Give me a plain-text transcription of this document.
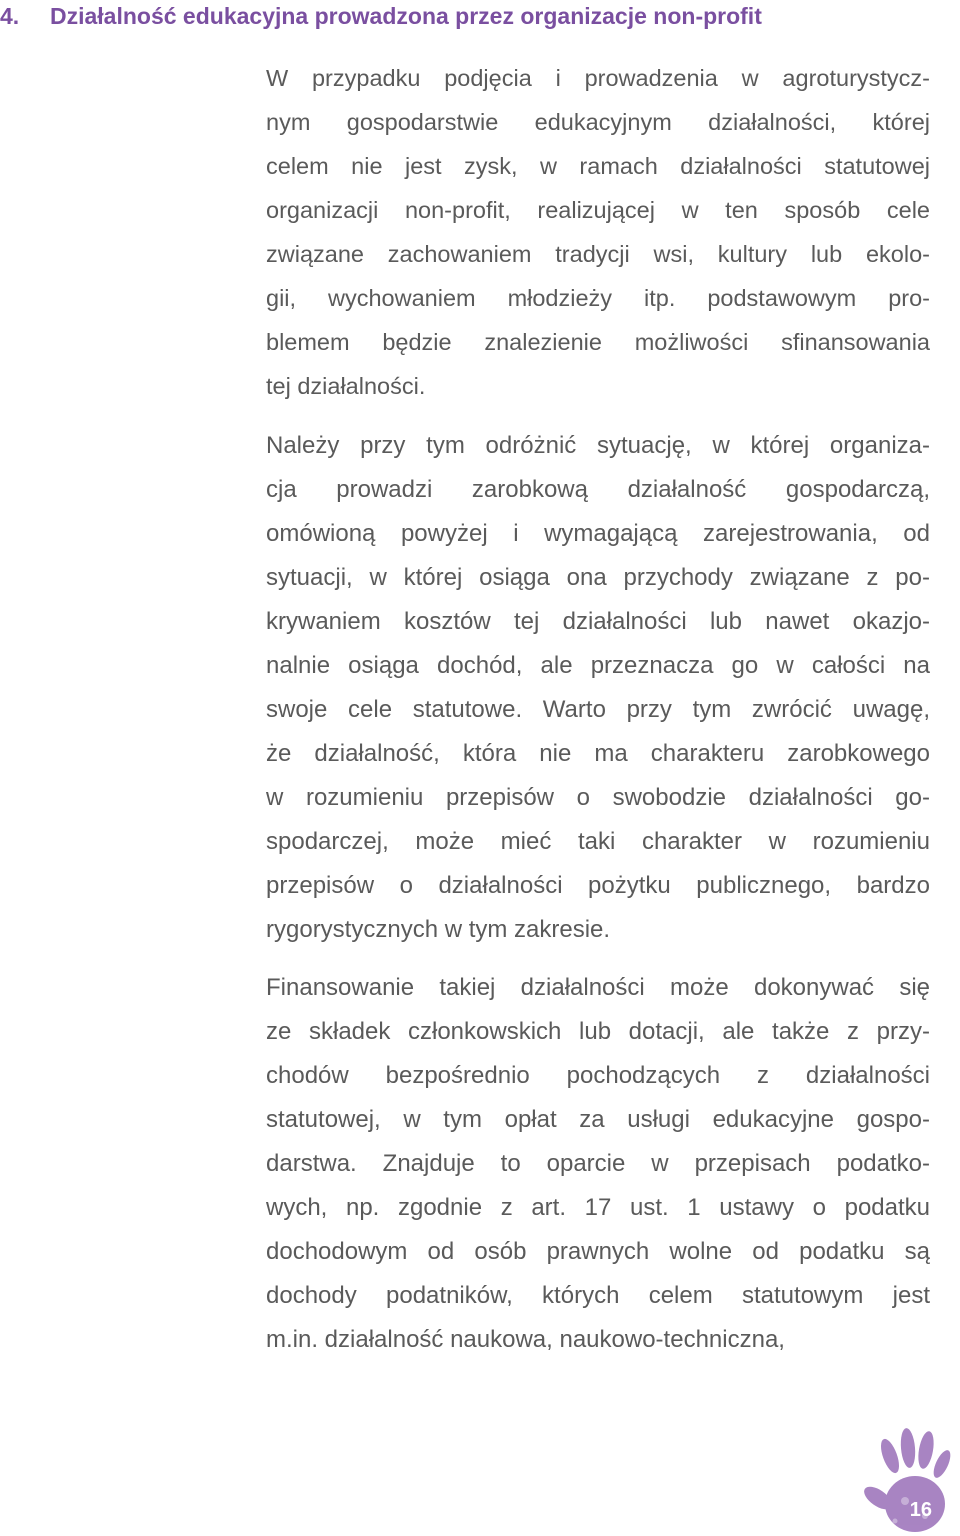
4. Działalność edukacyjna prowadzona przez organizacje non-profit
W przypadku podjęcia i prowadzenia w agroturystycz-
nym gospodarstwie edukacyjnym działalności, której
celem nie jest zysk, w ramach działalności statutowej
organizacji non-profit, realizującej w ten sposób cele
związane zachowaniem tradycji wsi, kultury lub ekolo-
gii, wychowaniem młodzieży itp. podstawowym pro-
blemem będzie znalezienie możliwości sfinansowania
tej działalności.
Należy przy tym odróżnić sytuację, w której organiza-
cja prowadzi zarobkową działalność gospodarczą,
omówioną powyżej i wymagającą zarejestrowania, od
sytuacji, w której osiąga ona przychody związane z po-
krywaniem kosztów tej działalności lub nawet okazjo-
nalnie osiąga dochód, ale przeznacza go w całości na
swoje cele statutowe. Warto przy tym zwrócić uwagę,
że działalność, która nie ma charakteru zarobkowego
w rozumieniu przepisów o swobodzie działalności go-
spodarczej, może mieć taki charakter w rozumieniu
przepisów o działalności pożytku publicznego, bardzo
rygorystycznych w tym zakresie.
Finansowanie takiej działalności może dokonywać się
ze składek członkowskich lub dotacji, ale także z przy-
chodów bezpośrednio pochodzących z działalności
statutowej, w tym opłat za usługi edukacyjne gospo-
darstwa. Znajduje to oparcie w przepisach podatko-
wych, np. zgodnie z art. 17 ust. 1 ustawy o podatku
dochodowym od osób prawnych wolne od podatku są
dochody podatników, których celem statutowym jest
m.in. działalność naukowa, naukowo-techniczna,
16
